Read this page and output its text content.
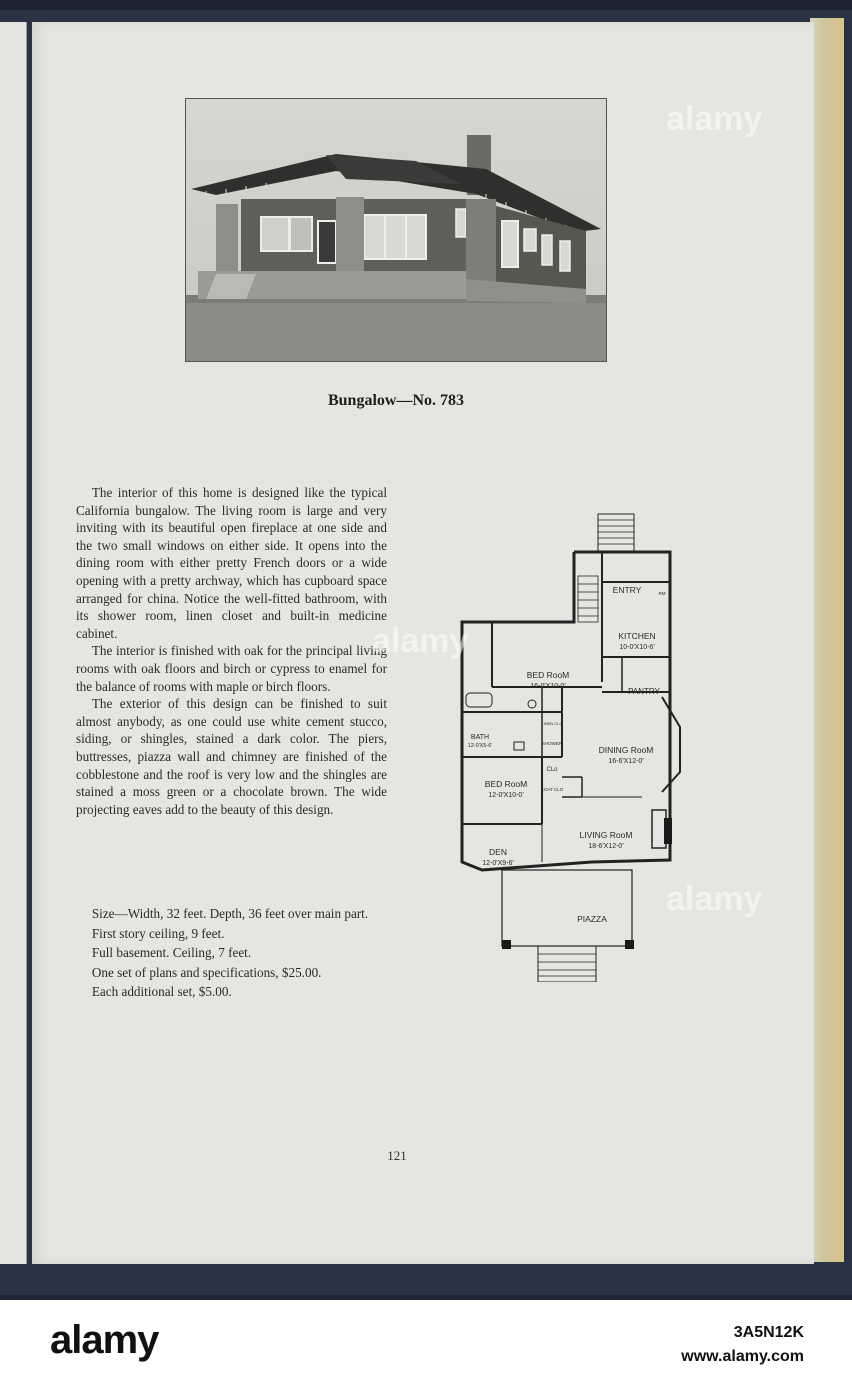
Bungalow—No. 783

The interior of this home is designed like the typical California bungalow. The living room is large and very inviting with its beautiful open fireplace at one side and the two small windows on either side. It opens into the dining room with either pretty French doors or a wide opening with a pretty archway, which has cupboard space arranged for china. Notice the well-fitted bathroom, with its shower room, linen closet and built-in medicine cabinet.

The interior is finished with oak for the principal living rooms with oak floors and birch or cypress to enamel for the balance of rooms with maple or birch floors.

The exterior of this design can be finished to suit almost anybody, as one could use white cement stucco, siding, or shingles, stained a dark color. The piers, buttresses, piazza wall and chimney are finished of the cobblestone and the roof is very low and the shingles are stained a moss green or a chocolate brown. The wide projecting eaves add to the beauty of this design.

Size—Width, 32 feet. Depth, 36 feet over main part.

First story ceiling, 9 feet.

Full basement. Ceiling, 7 feet.

One set of plans and specifications, $25.00.

Each additional set, $5.00.

ENTRY	RM
KITCHEN
10-0′X10-6′
BED RᴏᴏM
16-0′X10-0′
PANTRY
BATH
12-0′X5-6′
LINEN CLO
SHOWER
DINING RᴏᴏM
16-6′X12-0′
CLᴏ
COAT CLO
BED RᴏᴏM
12-0′X10-0′
LIVING RᴏᴏM
18-6′X12-0′
DEN
12-0′X9-6′
PIAZZA
121
alamy
alamy
alamy
alamy	3A5N12K
www.alamy.com
